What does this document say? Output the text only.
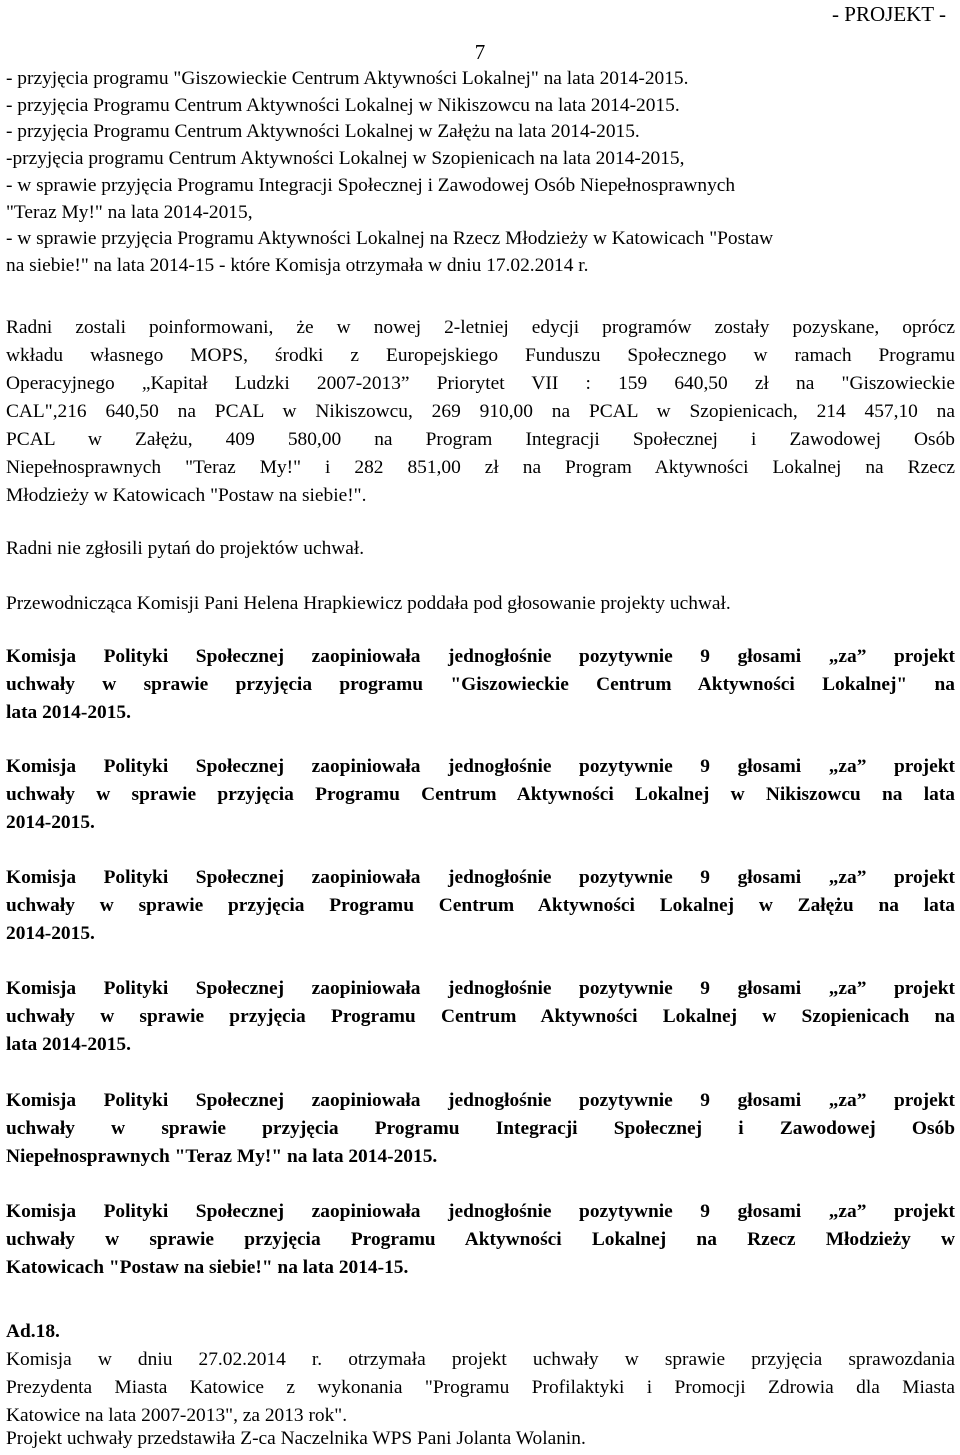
- PROJEKT -
7
- przyjęcia programu "Giszowieckie Centrum Aktywności Lokalnej" na lata 2014-2015.
- przyjęcia Programu Centrum Aktywności Lokalnej w Nikiszowcu na lata 2014-2015.
- przyjęcia Programu Centrum Aktywności Lokalnej w Załężu na lata 2014-2015.
-przyjęcia programu Centrum Aktywności Lokalnej w Szopienicach na lata 2014-2015,
- w sprawie przyjęcia Programu Integracji Społecznej i Zawodowej Osób Niepełnosprawnych
"Teraz My!" na lata 2014-2015,
- w sprawie przyjęcia Programu Aktywności Lokalnej na Rzecz Młodzieży w Katowicach "Postaw
na siebie!" na lata 2014-15 - które Komisja otrzymała w dniu 17.02.2014 r.
Radni zostali poinformowani, że w nowej 2-letniej edycji programów zostały pozyskane, oprócz
wkładu własnego MOPS, środki z Europejskiego Funduszu Społecznego w ramach Programu
Operacyjnego „Kapitał Ludzki 2007-2013” Priorytet VII : 159 640,50 zł na "Giszowieckie
CAL",216 640,50 na PCAL w Nikiszowcu, 269 910,00 na PCAL w Szopienicach, 214 457,10 na
PCAL w Załężu, 409 580,00 na Program Integracji Społecznej i Zawodowej Osób
Niepełnosprawnych "Teraz My!" i 282 851,00 zł na Program Aktywności Lokalnej na Rzecz
Młodzieży w Katowicach "Postaw na siebie!".
Radni nie zgłosili pytań do projektów uchwał.
Przewodnicząca Komisji Pani Helena Hrapkiewicz poddała pod głosowanie projekty uchwał.
Komisja Polityki Społecznej zaopiniowała jednogłośnie pozytywnie 9 głosami „za” projekt
uchwały w sprawie przyjęcia programu "Giszowieckie Centrum Aktywności Lokalnej" na
lata 2014-2015.
Komisja Polityki Społecznej zaopiniowała jednogłośnie pozytywnie 9 głosami „za” projekt
uchwały w sprawie przyjęcia Programu Centrum Aktywności Lokalnej w Nikiszowcu na lata
2014-2015.
Komisja Polityki Społecznej zaopiniowała jednogłośnie pozytywnie 9 głosami „za” projekt
uchwały w sprawie przyjęcia Programu Centrum Aktywności Lokalnej w Załężu na lata
2014-2015.
Komisja Polityki Społecznej zaopiniowała jednogłośnie pozytywnie 9 głosami „za” projekt
uchwały w sprawie przyjęcia Programu Centrum Aktywności Lokalnej w Szopienicach na
lata 2014-2015.
Komisja Polityki Społecznej zaopiniowała jednogłośnie pozytywnie 9 głosami „za” projekt
uchwały w sprawie przyjęcia Programu Integracji Społecznej i Zawodowej Osób
Niepełnosprawnych "Teraz My!" na lata 2014-2015.
Komisja Polityki Społecznej zaopiniowała jednogłośnie pozytywnie 9 głosami „za” projekt
uchwały w sprawie przyjęcia Programu Aktywności Lokalnej na Rzecz Młodzieży w
Katowicach "Postaw na siebie!" na lata 2014-15.
Ad.18.
Komisja w dniu 27.02.2014 r. otrzymała projekt uchwały w sprawie przyjęcia sprawozdania
Prezydenta Miasta Katowice z wykonania "Programu Profilaktyki i Promocji Zdrowia dla Miasta
Katowice na lata 2007-2013", za 2013 rok".
Projekt uchwały przedstawiła Z-ca Naczelnika WPS Pani Jolanta Wolanin.
